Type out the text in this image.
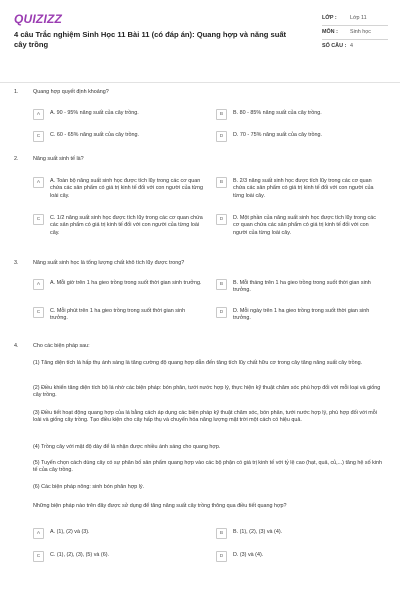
QUIZIZZ
4 câu Trắc nghiệm Sinh Học 11 Bài 11 (có đáp án): Quang hợp và năng suất cây trồng
LỚP :	Lớp 11
MÔN :	Sinh học
SỐ CÂU : 4
1.	Quang hợp quyết định khoảng?
A	A. 90 - 95% năng suất của cây trồng.	B	B. 80 - 85% năng suất của cây trồng.
C	C. 60 - 65% năng suất của cây trồng.	D	D. 70 - 75% năng suất của cây trồng.
2.	Năng suất sinh tế là?
A	A. Toàn bộ năng suất sinh học được tích lũy trong các cơ quan chứa các sản phẩm có giá trị kinh tế đối với con người của từng loài cây.
B	B. 2/3 năng suất sinh học được tích lũy trong các cơ quan chứa các sản phẩm có giá trị kinh tế đối với con người của từng loài cây.
C	C. 1/2 năng suất sinh học được tích lũy trong các cơ quan chứa các sản phẩm có giá trị kinh tế đối với con người của từng loài cây.
D	D. Một phần của năng suất sinh học được tích lũy trong các cơ quan chứa các sản phẩm có giá trị kinh tế đối với con người của từng loài cây.
3.	Năng suất sinh học là tổng lượng chất khô tích lũy được trong?
A	A. Mỗi giờ trên 1 ha gieo trồng trong suốt thời gian sinh trưởng.	B	B. Mỗi tháng trên 1 ha gieo trồng trong suốt thời gian sinh trưởng.
C	C. Mỗi phút trên 1 ha gieo trồng trong suốt thời gian sinh trưởng.
D	D. Mỗi ngày trên 1 ha gieo trồng trong suốt thời gian sinh trưởng.
4.	Cho các biện pháp sau:
(1) Tăng diện tích lá hấp thụ ánh sáng là tăng cường độ quang hợp dẫn đến tăng tích lũy chất hữu cơ trong cây tăng năng suất cây trồng.
(2) Điều khiển tăng diện tích bộ lá nhờ các biện pháp: bón phân, tưới nước hợp lý, thực hiện kỹ thuật chăm sóc phù hợp đối với mỗi loại và giống cây trồng.
(3) Điều tiết hoạt động quang hợp của lá bằng cách áp dụng các biện pháp kỹ thuật chăm sóc, bón phân, tưới nước hợp lý, phù hợp đối với mỗi loài và giống cây trồng. Tạo điều kiện cho cây hấp thụ và chuyển hóa năng lượng mặt trời một cách có hiệu quả.
(4) Trồng cây với mật độ dày để lá nhận được nhiều ánh sáng cho quang hợp.
(5) Tuyển chọn cách dùng cây có sự phân bố sản phẩm quang hợp vào các bộ phận có giá trị kinh tế với tỷ lệ cao (hạt, quả, củ,...) tăng hệ số kinh tế của cây trồng.
(6) Các biện pháp nông: sinh bón phân hợp lý.
Những biện pháp nào trên đây được sử dụng để tăng năng suất cây trồng thông qua điều tiết quang hợp?
A	A. (1), (2) và (3).	B	B. (1), (2), (3) và (4).
C	C. (1), (2), (3), (5) và (6).	D	D. (3) và (4).
